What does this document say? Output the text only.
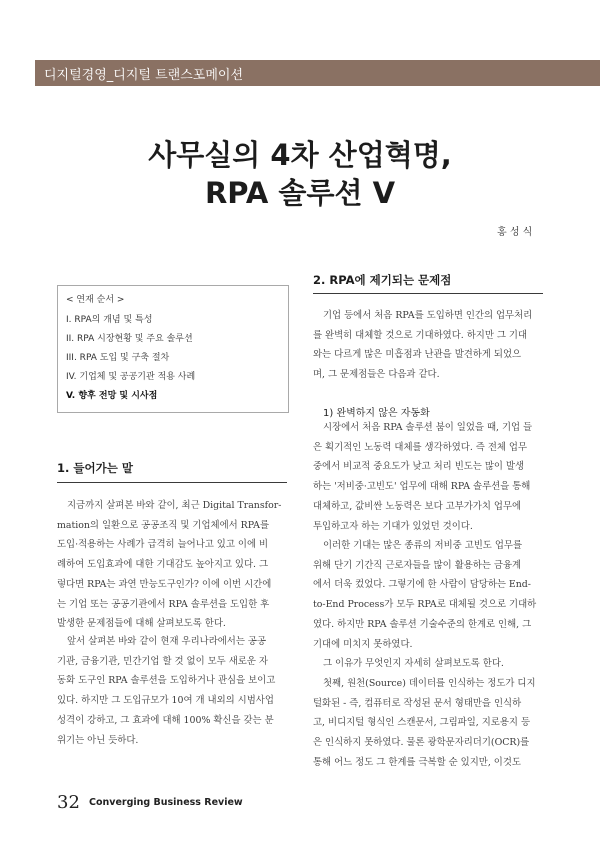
디지털경영_디지털 트랜스포메이션
사무실의 4차 산업혁명,
RPA 솔루션 V
홍 성 식
< 연재 순서 >
I. RPA의 개념 및 특성
II. RPA 시장현황 및 주요 솔루션
III. RPA 도입 및 구축 절차
IV. 기업체 및 공공기관 적용 사례
V. 향후 전망 및 시사점
1. 들어가는 말
지금까지 살펴본 바와 같이, 최근 Digital Transfor-
mation의 일환으로 공공조직 및 기업체에서 RPA를
도입·적용하는 사례가 급격히 늘어나고 있고 이에 비
례하여 도입효과에 대한 기대감도 높아지고 있다. 그
렇다면 RPA는 과연 만능도구인가? 이에 이번 시간에
는 기업 또는 공공기관에서 RPA 솔루션을 도입한 후
발생한 문제점들에 대해 살펴보도록 한다.
앞서 살펴본 바와 같이 현재 우리나라에서는 공공
기관, 금융기관, 민간기업 할 것 없이 모두 새로운 자
동화 도구인 RPA 솔루션을 도입하거나 관심을 보이고
있다. 하지만 그 도입규모가 10여 개 내외의 시범사업
성격이 강하고, 그 효과에 대해 100% 확신을 갖는 분
위기는 아닌 듯하다.
2. RPA에 제기되는 문제점
기업 등에서 처음 RPA를 도입하면 인간의 업무처리
를 완벽히 대체할 것으로 기대하였다. 하지만 그 기대
와는 다르게 많은 미흡점과 난관을 발견하게 되었으
며, 그 문제점들은 다음과 같다.
1) 완벽하지 않은 자동화
시장에서 처음 RPA 솔루션 붐이 일었을 때, 기업 들
은 획기적인 노동력 대체를 생각하였다. 즉 전체 업무
중에서 비교적 중요도가 낮고 처리 빈도는 많이 발생
하는 '저비중·고빈도' 업무에 대해 RPA 솔루션을 통해
대체하고, 값비싼 노동력은 보다 고부가가치 업무에
투입하고자 하는 기대가 있었던 것이다.
이러한 기대는 많은 종류의 저비중 고빈도 업무를
위해 단기 기간직 근로자들을 많이 활용하는 금융계
에서 더욱 컸었다. 그렇기에 한 사람이 담당하는 End-
to-End Process가 모두 RPA로 대체될 것으로 기대하
였다. 하지만 RPA 솔루션 기술수준의 한계로 인해, 그
기대에 미치지 못하였다.
그 이유가 무엇인지 자세히 살펴보도록 한다.
첫째, 원천(Source) 데이터를 인식하는 정도가 디지
털화된 - 즉, 컴퓨터로 작성된 문서 형태만을 인식하
고, 비디지털 형식인 스캔문서, 그림파일, 지로용지 등
은 인식하지 못하였다. 물론 광학문자리더기(OCR)를
통해 어느 정도 그 한계를 극복할 순 있지만, 이것도
32 Converging Business Review
